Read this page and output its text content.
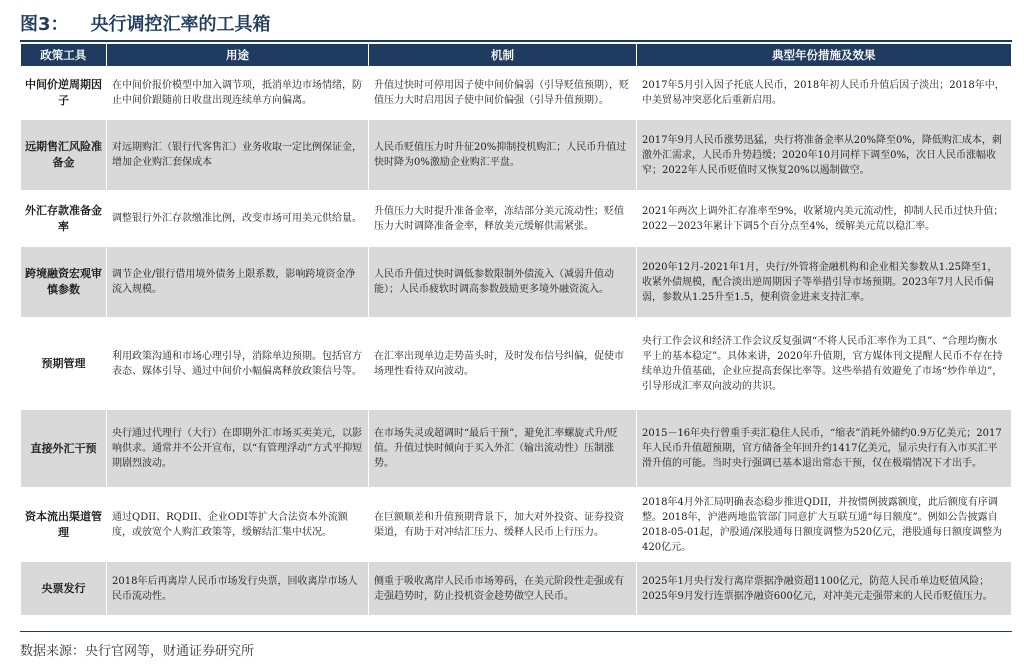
图3： 央行调控汇率的工具箱
政策工具	用途	机制	典型年份措施及效果
中间价逆周期因子	在中间价报价模型中加入调节项，抵消单边市场情绪，防止中间价跟随前日收盘出现连续单方向偏离。	升值过快时可停用因子使中间价偏弱（引导贬值预期），贬值压力大时启用因子使中间价偏强（引导升值预期）。	2017年5月引入因子托底人民币，2018年初人民币升值后因子淡出；2018年中，中美贸易冲突恶化后重新启用。
远期售汇风险准备金	对远期购汇（银行代客售汇）业务收取一定比例保证金，增加企业购汇套保成本	人民币贬值压力时升征20%抑制投机购汇；人民币升值过快时降为0%激励企业购汇平盘。	2017年9月人民币涨势迅猛，央行将准备金率从20%降至0%，降低购汇成本，刺激外汇需求，人民币升势趋缓；2020年10月同样下调至0%，次日人民币涨幅收窄；2022年人民币贬值时又恢复20%以遏制做空。
外汇存款准备金率	调整银行外汇存款缴准比例，改变市场可用美元供给量。	升值压力大时提升准备金率，冻结部分美元流动性；贬值压力大时调降准备金率，释放美元缓解供需紧张。	2021年两次上调外汇存准率至9%，收紧境内美元流动性，抑制人民币过快升值；2022－2023年累计下调5个百分点至4%，缓解美元荒以稳汇率。
跨境融资宏观审慎参数	调节企业/银行借用境外债务上限系数，影响跨境资金净流入规模。	人民币升值过快时调低参数限制外债流入（减弱升值动能）；人民币疲软时调高参数鼓励更多境外融资流入。	2020年12月-2021年1月，央行/外管将金融机构和企业相关参数从1.25降至1，收紧外债规模，配合淡出逆周期因子等举措引导市场预期。2023年7月人民币偏弱，参数从1.25升至1.5，便利资金进来支持汇率。
预期管理	利用政策沟通和市场心理引导，消除单边预期。包括官方表态、媒体引导、通过中间价小幅偏离释放政策信号等。	在汇率出现单边走势苗头时，及时发布信号纠偏，促使市场理性看待双向波动。	央行工作会议和经济工作会议反复强调“不将人民币汇率作为工具”、“合理均衡水平上的基本稳定”。具体来讲，2020年升值期，官方媒体刊文提醒人民币不存在持续单边升值基础，企业应提高套保比率等。这些举措有效避免了市场“炒作单边”，引导形成汇率双向波动的共识。
直接外汇干预	央行通过代理行（大行）在即期外汇市场买卖美元，以影响供求。通常并不公开宣布，以“有管理浮动”方式平抑短期剧烈波动。	在市场失灵或超调时“最后干预”，避免汇率螺旋式升/贬值。升值过快时倾向于买入外汇（输出流动性）压制涨势。	2015－16年央行曾重手卖汇稳住人民币，“缩表”消耗外储约0.9万亿美元；2017年人民币升值超预期，官方储备全年回升约1417亿美元，显示央行有入市买汇平滑升值的可能。当时央行强调已基本退出常态干预，仅在极端情况下才出手。
资本流出渠道管理	通过QDII、RQDII、企业ODI等扩大合法资本外流额度，或放宽个人购汇政策等，缓解结汇集中状况。	在巨额顺差和升值预期背景下，加大对外投资、证券投资渠道，有助于对冲结汇压力、缓释人民币上行压力。	2018年4月外汇局明确表态稳步推进QDII，并按惯例披露额度，此后额度有序调整。2018年，沪港两地监管部门同意扩大互联互通“每日额度”。例如公告披露自2018-05-01起，沪股通/深股通每日额度调整为520亿元，港股通每日额度调整为420亿元。
央票发行	2018年后再离岸人民币市场发行央票，回收离岸市场人民币流动性。	侧重于吸收离岸人民币市场筹码，在美元阶段性走强或有走强趋势时，防止投机资金趁势做空人民币。	2025年1月央行发行离岸票据净融资超1100亿元，防范人民币单边贬值风险；2025年9月发行连票据净融资600亿元，对冲美元走强带来的人民币贬值压力。
数据来源：央行官网等，财通证券研究所
